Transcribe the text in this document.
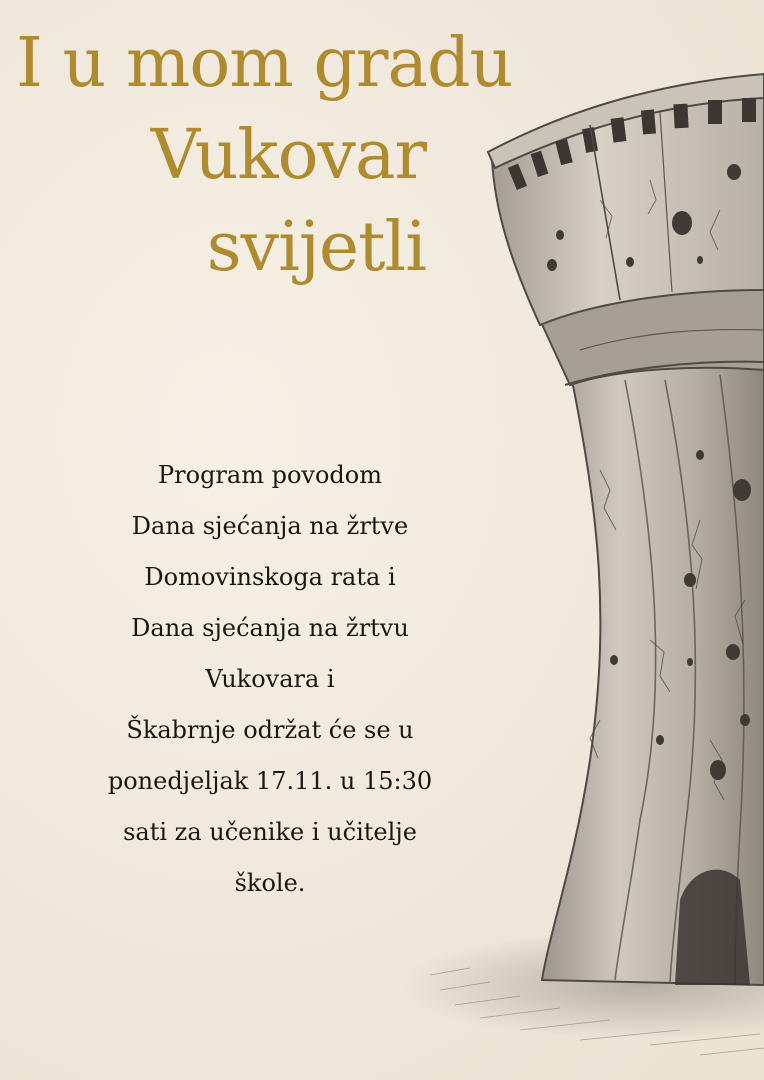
I u mom gradu
Vukovar
svijetli

Program povodom
Dana sjećanja na žrtve
Domovinskoga rata i
Dana sjećanja na žrtvu
Vukovara i
Škabrnje održat će se u
ponedjeljak 17.11. u 15:30
sati za učenike i učitelje
škole.
